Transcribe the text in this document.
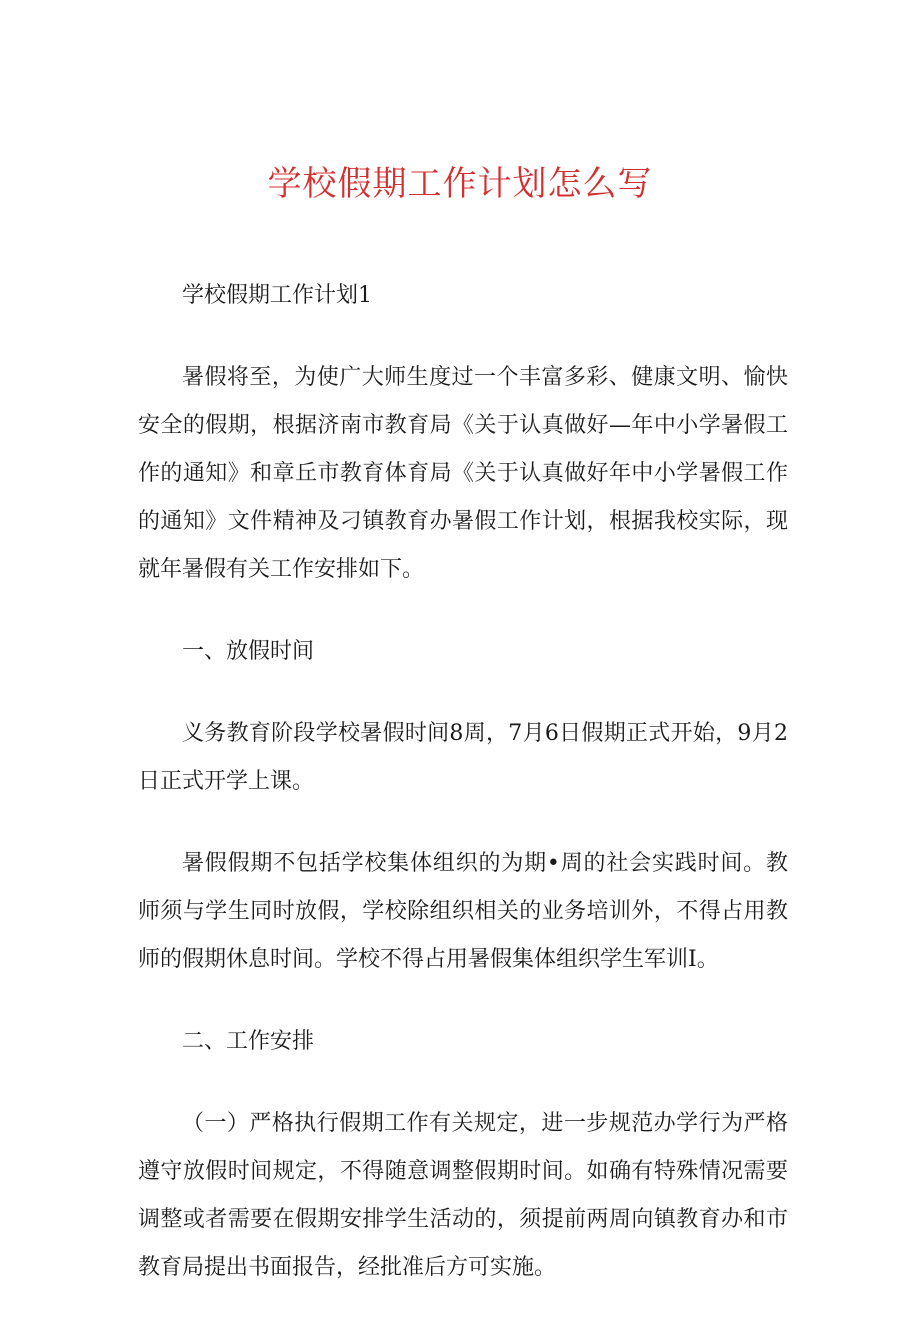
学校假期工作计划怎么写

学校假期工作计划1

暑假将至，为使广大师生度过一个丰富多彩、健康文明、愉快安全的假期，根据济南市教育局《关于认真做好—年中小学暑假工作的通知》和章丘市教育体育局《关于认真做好年中小学暑假工作的通知》文件精神及刁镇教育办暑假工作计划，根据我校实际，现就年暑假有关工作安排如下。

一、放假时间

义务教育阶段学校暑假时间8周，7月6日假期正式开始，9月2日正式开学上课。

暑假假期不包括学校集体组织的为期•周的社会实践时间。教师须与学生同时放假，学校除组织相关的业务培训外，不得占用教师的假期休息时间。学校不得占用暑假集体组织学生军训I。

二、工作安排

（一）严格执行假期工作有关规定，进一步规范办学行为严格遵守放假时间规定，不得随意调整假期时间。如确有特殊情况需要调整或者需要在假期安排学生活动的，须提前两周向镇教育办和市教育局提出书面报告，经批准后方可实施。
